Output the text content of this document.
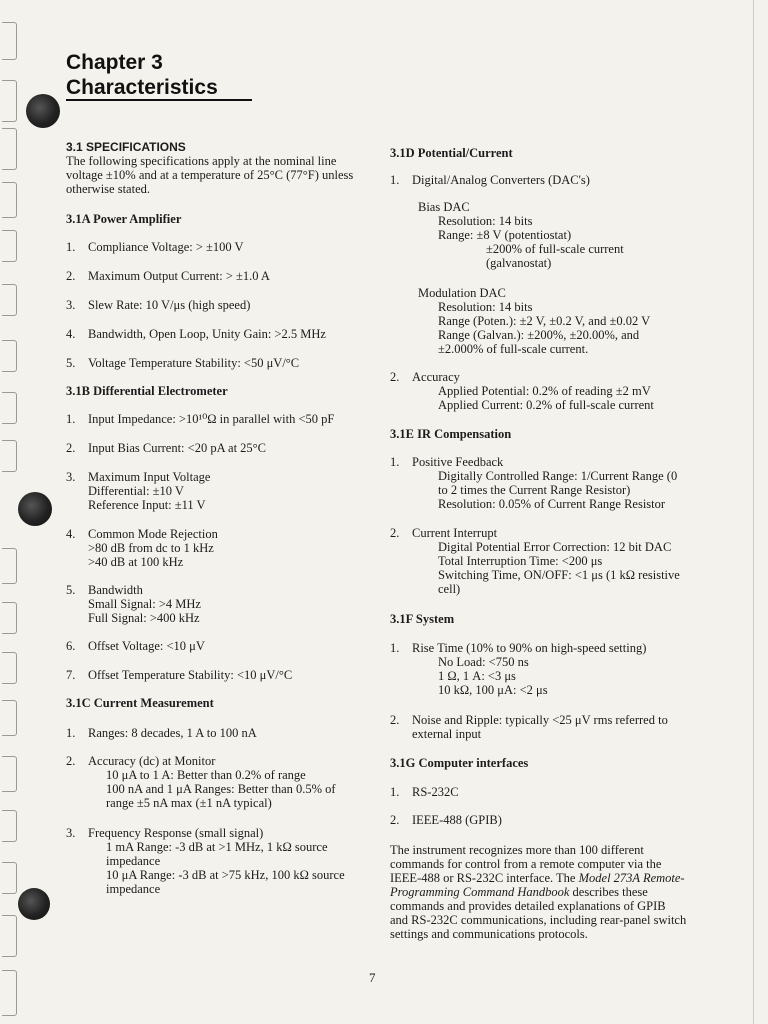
Chapter 3
Characteristics
3.1 SPECIFICATIONS
The following specifications apply at the nominal line
voltage ±10% and at a temperature of 25°C (77°F) unless
otherwise stated.
3.1A Power Amplifier
1. Compliance Voltage: > ±100 V
2. Maximum Output Current: > ±1.0 A
3. Slew Rate: 10 V/μs (high speed)
4. Bandwidth, Open Loop, Unity Gain: >2.5 MHz
5. Voltage Temperature Stability: <50 μV/°C
3.1B Differential Electrometer
1. Input Impedance: >10¹⁰Ω in parallel with <50 pF
2. Input Bias Current: <20 pA at 25°C
3. Maximum Input Voltage
Differential: ±10 V
Reference Input: ±11 V
4. Common Mode Rejection
>80 dB from dc to 1 kHz
>40 dB at 100 kHz
5. Bandwidth
Small Signal: >4 MHz
Full Signal: >400 kHz
6. Offset Voltage: <10 μV
7. Offset Temperature Stability: <10 μV/°C
3.1C Current Measurement
1. Ranges: 8 decades, 1 A to 100 nA
2. Accuracy (dc) at Monitor
10 μA to 1 A: Better than 0.2% of range
100 nA and 1 μA Ranges: Better than 0.5% of
range ±5 nA max (±1 nA typical)
3. Frequency Response (small signal)
1 mA Range: -3 dB at >1 MHz, 1 kΩ source
impedance
10 μA Range: -3 dB at >75 kHz, 100 kΩ source
impedance
3.1D Potential/Current
1. Digital/Analog Converters (DAC's)
Bias DAC
Resolution: 14 bits
Range: ±8 V (potentiostat)
±200% of full-scale current
(galvanostat)
Modulation DAC
Resolution: 14 bits
Range (Poten.): ±2 V, ±0.2 V, and ±0.02 V
Range (Galvan.): ±200%, ±20.00%, and
±2.000% of full-scale current.
2. Accuracy
Applied Potential: 0.2% of reading ±2 mV
Applied Current: 0.2% of full-scale current
3.1E IR Compensation
1. Positive Feedback
Digitally Controlled Range: 1/Current Range (0
to 2 times the Current Range Resistor)
Resolution: 0.05% of Current Range Resistor
2. Current Interrupt
Digital Potential Error Correction: 12 bit DAC
Total Interruption Time: <200 μs
Switching Time, ON/OFF: <1 μs (1 kΩ resistive
cell)
3.1F System
1. Rise Time (10% to 90% on high-speed setting)
No Load: <750 ns
1 Ω, 1 A: <3 μs
10 kΩ, 100 μA: <2 μs
2. Noise and Ripple: typically <25 μV rms referred to
external input
3.1G Computer interfaces
1. RS-232C
2. IEEE-488 (GPIB)
The instrument recognizes more than 100 different
commands for control from a remote computer via the
IEEE-488 or RS-232C interface. The Model 273A Remote-
Programming Command Handbook describes these
commands and provides detailed explanations of GPIB
and RS-232C communications, including rear-panel switch
settings and communications protocols.
7
